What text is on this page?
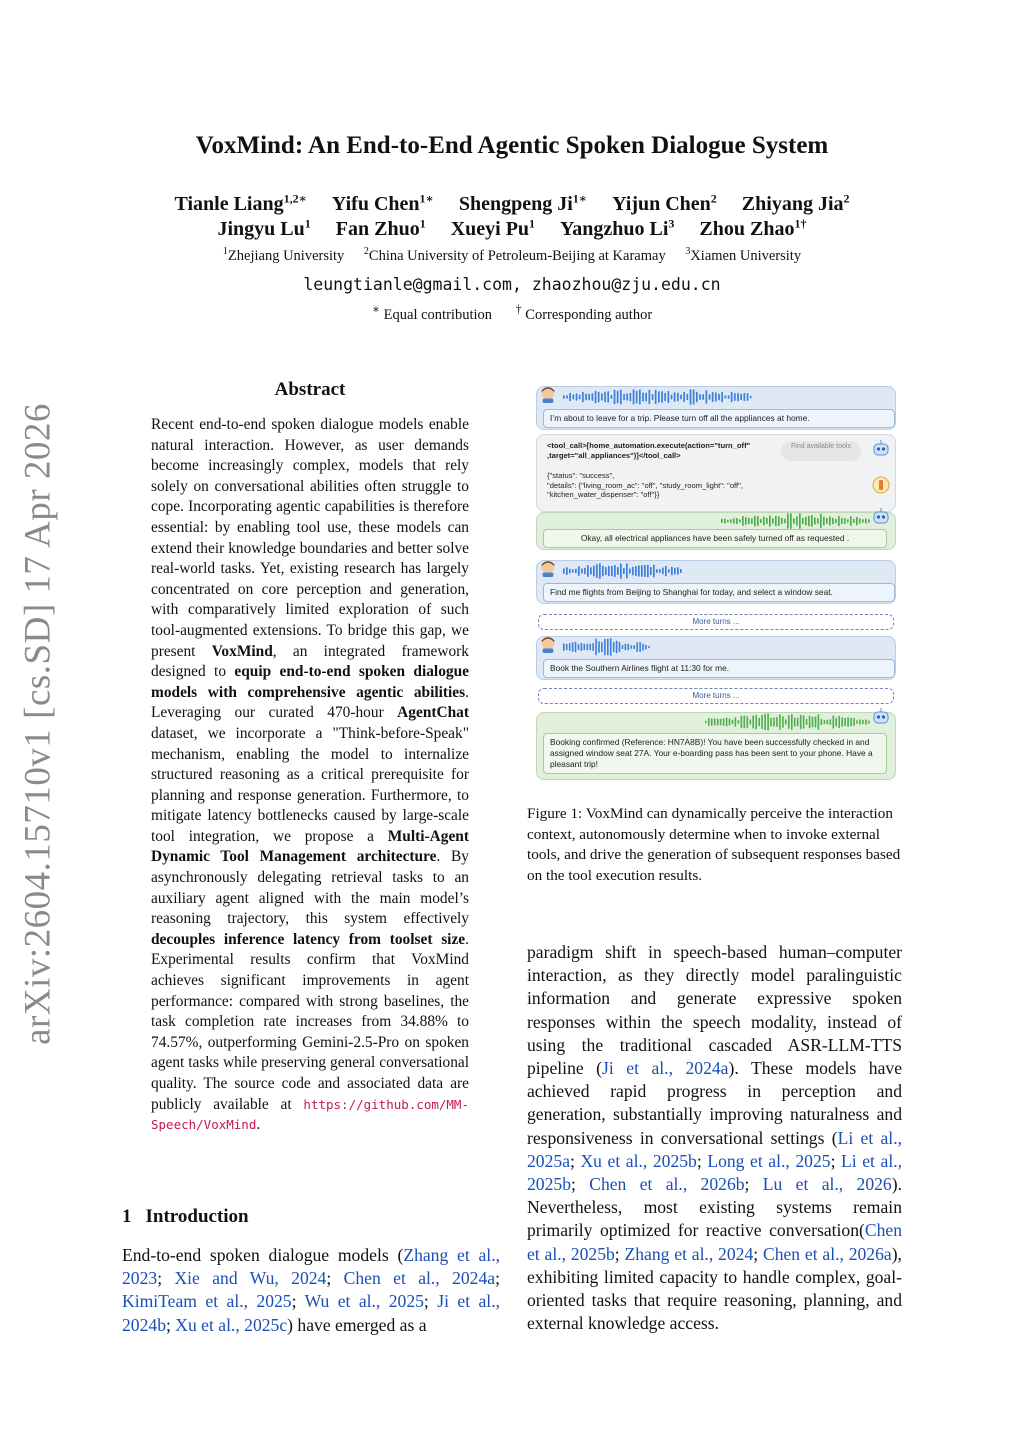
arXiv:2604.15710v1 [cs.SD] 17 Apr 2026
VoxMind: An End-to-End Agentic Spoken Dialogue System
Tianle Liang$^{1,2∗}$ Yifu Chen$^{1∗}$ Shengpeng $Ji^{1∗}$ Yijun Chen$^2$ Zhiyang Jia$^2$
Jingyu Lu$^1$ Fan Zhuo$^1$ Xueyi Pu$^1$ Yangzhuo Li$^3$ Zhou Zhao$^{1\dagger}$
$^1$Zhejiang University $^2$China University of Petroleum-Beijing at Karamay $^3$Xiamen University
leungtianle@gmail.com, zhaozhou@zju.edu.cn
∗ Equal contribution † Corresponding author
Abstract
Recent end-to-end spoken dialogue models enable natural interaction. However, as user demands become increasingly complex, models that rely solely on conversational abilities often struggle to cope. Incorporating agentic capabilities is therefore essential: by enabling tool use, these models can extend their knowledge boundaries and better solve real-world tasks. Yet, existing research has largely concentrated on core perception and generation, with comparatively limited exploration of such tool-augmented extensions. To bridge this gap, we present VoxMind, an integrated framework designed to equip end-to-end spoken dialogue models with comprehensive agentic abilities. Leveraging our curated 470-hour AgentChat dataset, we incorporate a "Think-before-Speak" mechanism, enabling the model to internalize structured reasoning as a critical prerequisite for planning and response generation. Furthermore, to mitigate latency bottlenecks caused by large-scale tool integration, we propose a Multi-Agent Dynamic Tool Management architecture. By asynchronously delegating retrieval tasks to an auxiliary agent aligned with the main model’s reasoning trajectory, this system effectively decouples inference latency from toolset size. Experimental results confirm that VoxMind achieves significant improvements in agent performance: compared with strong baselines, the task completion rate increases from 34.88% to 74.57%, outperforming Gemini-2.5-Pro on spoken agent tasks while preserving general conversational quality. The source code and associated data are publicly available at https://github.com/MM-Speech/VoxMind.
1 Introduction
End-to-end spoken dialogue models (Zhang et al., 2023; Xie and Wu, 2024; Chen et al., 2024a; KimiTeam et al., 2025; Wu et al., 2025; Ji et al., 2024b; Xu et al., 2025c) have emerged as a
paradigm shift in speech-based human–computer interaction, as they directly model paralinguistic information and generate expressive spoken responses within the speech modality, instead of using the traditional cascaded ASR-LLM-TTS pipeline (Ji et al., 2024a). These models have achieved rapid progress in perception and generation, substantially improving naturalness and responsiveness in conversational settings (Li et al., 2025a; Xu et al., 2025b; Long et al., 2025; Li et al., 2025b; Chen et al., 2026b; Lu et al., 2026). Nevertheless, most existing systems remain primarily optimized for reactive conversation(Chen et al., 2025b; Zhang et al., 2024; Chen et al., 2026a), exhibiting limited capacity to handle complex, goal-oriented tasks that require reasoning, planning, and external knowledge access.
I’m about to leave for a trip. Please turn off all the appliances at home.
<tool_call>[home_automation.execute(action="turn_off"
,target="all_appliances")]</tool_call>
Find available tools
{"status": "success",
"details": {"living_room_ac": "off", "study_room_light": "off",
"kitchen_water_dispenser": "off"}}
Okay, all electrical appliances have been safely turned off as requested .
Find me flights from Beijing to Shanghai for today, and select a window seat.
More turns ...
Book the Southern Airlines flight at 11:30 for me.
More turns ...
Booking confirmed (Reference: HN7A8B)! You have been successfully checked in and assigned window seat 27A. Your e-boarding pass has been sent to your phone. Have a pleasant trip!
Figure 1: VoxMind can dynamically perceive the interaction context, autonomously determine when to invoke external tools, and drive the generation of subsequent responses based on the tool execution results.
